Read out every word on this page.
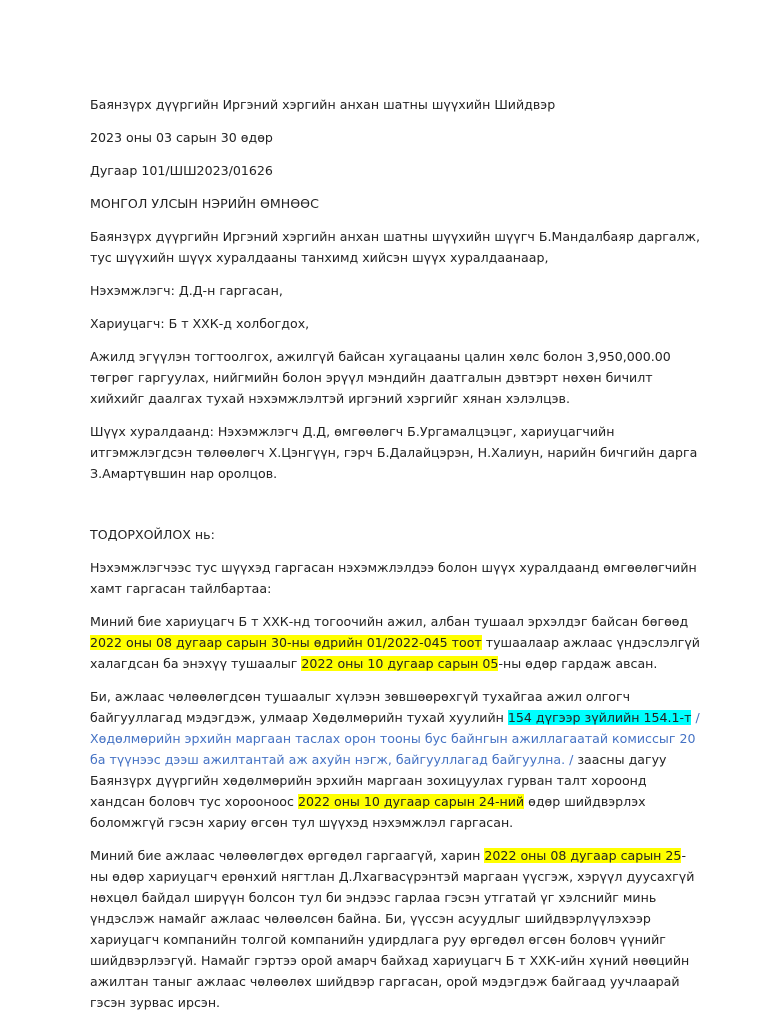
Баянзүрх дүүргийн Иргэний хэргийн анхан шатны шүүхийн Шийдвэр

2023 оны 03 сарын 30 өдөр

Дугаар 101/ШШ2023/01626

МОНГОЛ УЛСЫН НЭРИЙН ӨМНӨӨС

Баянзүрх дүүргийн Иргэний хэргийн анхан шатны шүүхийн шүүгч Б.Мандалбаяр даргалж, тус шүүхийн шүүх хуралдааны танхимд хийсэн шүүх хуралдаанаар,

Нэхэмжлэгч: Д.Д-н гаргасан,

Хариуцагч: Б т ХХК-д холбогдох,

Ажилд эгүүлэн тогтоолгох, ажилгүй байсан хугацааны цалин хөлс болон 3,950,000.00 төгрөг гаргуулах, нийгмийн болон эрүүл мэндийн даатгалын дэвтэрт нөхөн бичилт хийхийг даалгах тухай нэхэмжлэлтэй иргэний хэргийг хянан хэлэлцэв.

Шүүх хуралдаанд: Нэхэмжлэгч Д.Д, өмгөөлөгч Б.Ургамалцэцэг, хариуцагчийн итгэмжлэгдсэн төлөөлөгч Х.Цэнгүүн, гэрч Б.Далайцэрэн, Н.Халиун, нарийн бичгийн дарга З.Амартүвшин нар оролцов.

ТОДОРХОЙЛОХ нь:

Нэхэмжлэгчээс тус шүүхэд гаргасан нэхэмжлэлдээ болон шүүх хуралдаанд өмгөөлөгчийн хамт гаргасан тайлбартаа:

Миний бие хариуцагч Б т ХХК-нд тогоочийн ажил, албан тушаал эрхэлдэг байсан бөгөөд 2022 оны 08 дугаар сарын 30-ны өдрийн 01/2022-045 тоот тушаалаар ажлаас үндэслэлгүй халагдсан ба энэхүү тушаалыг 2022 оны 10 дугаар сарын 05-ны өдөр гардаж авсан.

Би, ажлаас чөлөөлөгдсөн тушаалыг хүлээн зөвшөөрөхгүй тухайгаа ажил олгогч байгууллагад мэдэгдэж, улмаар Хөдөлмөрийн тухай хуулийн 154 дүгээр зүйлийн 154.1-т / Хөдөлмөрийн эрхийн маргаан таслах орон тооны бус байнгын ажиллагаатай комиссыг 20 ба түүнээс дээш ажилтантай аж ахуйн нэгж, байгууллагад байгуулна. / заасны дагуу Баянзүрх дүүргийн хөдөлмөрийн эрхийн маргаан зохицуулах гурван талт хороонд хандсан боловч тус хорооноос 2022 оны 10 дугаар сарын 24-ний өдөр шийдвэрлэх боломжгүй гэсэн хариу өгсөн тул шүүхэд нэхэмжлэл гаргасан.

Миний бие ажлаас чөлөөлөгдөх өргөдөл гаргаагүй, харин 2022 оны 08 дугаар сарын 25-ны өдөр хариуцагч ерөнхий нягтлан Д.Лхагвасүрэнтэй маргаан үүсгэж, хэрүүл дуусахгүй нөхцөл байдал ширүүн болсон тул би эндээс гарлаа гэсэн утгатай үг хэлснийг минь үндэслэж намайг ажлаас чөлөөлсөн байна. Би, үүссэн асуудлыг шийдвэрлүүлэхээр хариуцагч компанийн толгой компанийн удирдлага руу өргөдөл өгсөн боловч үүнийг шийдвэрлээгүй. Намайг гэртээ орой амарч байхад хариуцагч Б т ХХК-ийн хүний нөөцийн ажилтан таныг ажлаас чөлөөлөх шийдвэр гаргасан, орой мэдэгдэж байгаад уучлаарай гэсэн зурвас ирсэн.
